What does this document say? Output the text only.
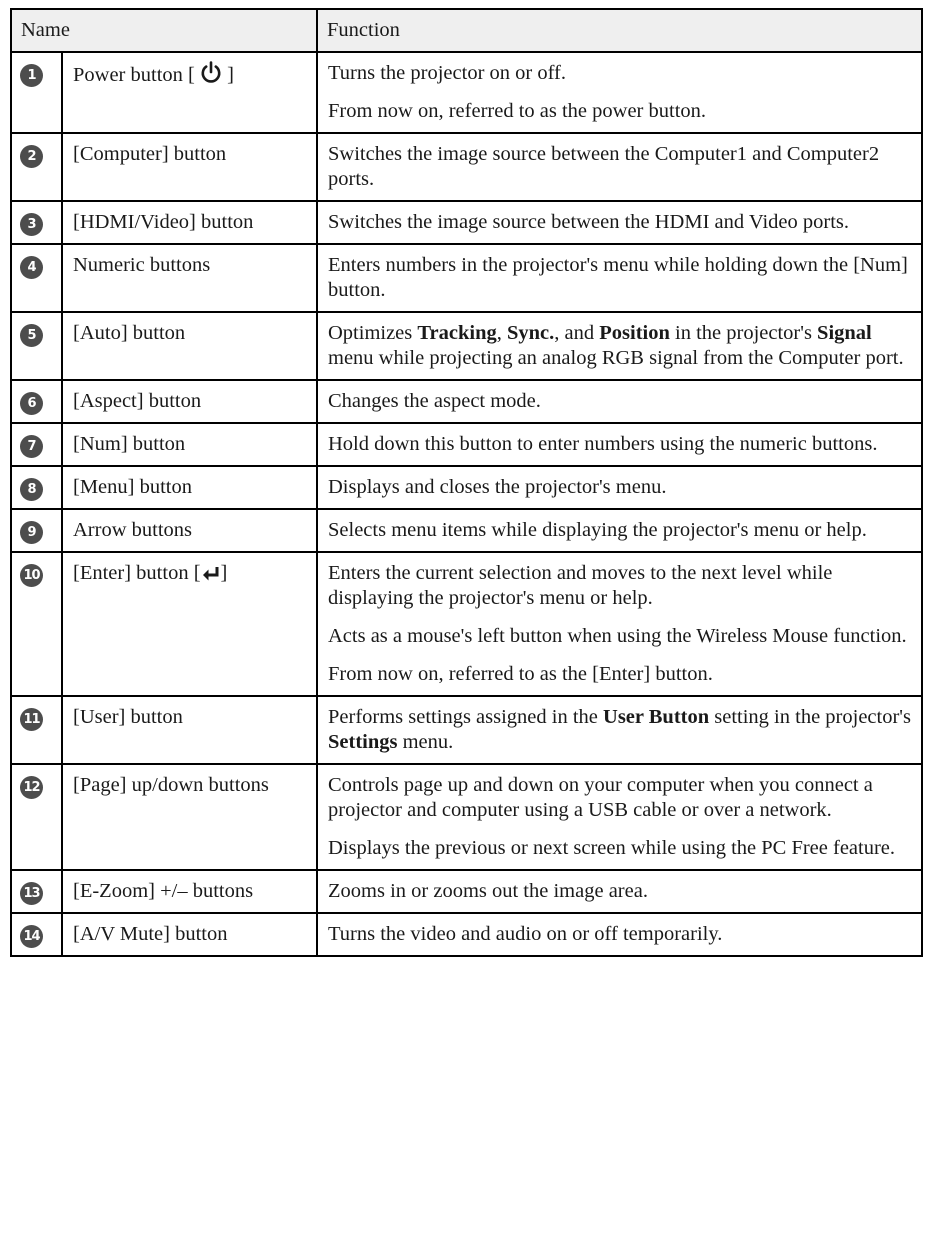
Name		Function
1	Power button [  ]	Turns the projector on or off.

From now on, referred to as the power button.

2	[Computer] button	Switches the image source between the Computer1 and Computer2 ports.

3	[HDMI/Video] button	Switches the image source between the HDMI and Video ports.

4	Numeric buttons	Enters numbers in the projector's menu while holding down the [Num] button.

5	[Auto] button	Optimizes Tracking, Sync., and Position in the projector's Signal menu while projecting an analog RGB signal from the Computer port.

6	[Aspect] button	Changes the aspect mode.

7	[Num] button	Hold down this button to enter numbers using the numeric buttons.

8	[Menu] button	Displays and closes the projector's menu.

9	Arrow buttons	Selects menu items while displaying the projector's menu or help.

10	[Enter] button [ ]	Enters the current selection and moves to the next level while displaying the projector's menu or help.

Acts as a mouse's left button when using the Wireless Mouse function.

From now on, referred to as the [Enter] button.

11	[User] button	Performs settings assigned in the User Button setting in the projector's Settings menu.

12	[Page] up/down buttons	Controls page up and down on your computer when you connect a projector and computer using a USB cable or over a network.

Displays the previous or next screen while using the PC Free feature.

13	[E-Zoom] +/– buttons	Zooms in or zooms out the image area.

14	[A/V Mute] button	Turns the video and audio on or off temporarily.
